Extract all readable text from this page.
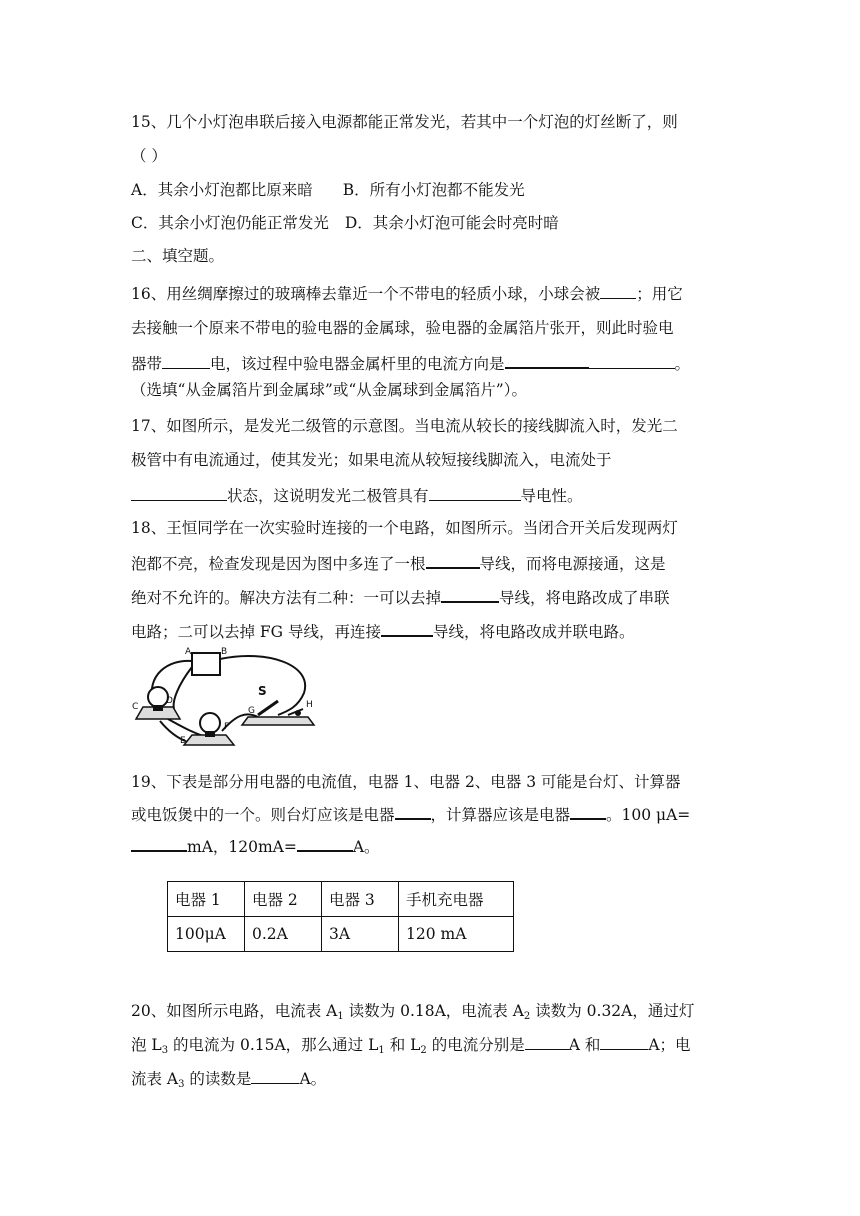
15、几个小灯泡串联后接入电源都能正常发光，若其中一个灯泡的灯丝断了，则
（ ）
A．其余小灯泡都比原来暗 B．所有小灯泡都不能发光
C．其余小灯泡仍能正常发光 D．其余小灯泡可能会时亮时暗
二、填空题。
16、用丝绸摩擦过的玻璃棒去靠近一个不带电的轻质小球，小球会被 ；用它
去接触一个原来不带电的验电器的金属球，验电器的金属箔片张开，则此时验电
器带	电，该过程中验电器金属杆里的电流方向是	。
（选填“从金属箔片到金属球”或“从金属球到金属箔片”）。
17、如图所示，是发光二级管的示意图。当电流从较长的接线脚流入时，发光二
极管中有电流通过，使其发光；如果电流从较短接线脚流入，电流处于
状态，这说明发光二极管具有	导电性。
18、王恒同学在一次实验时连接的一个电路，如图所示。当闭合开关后发现两灯
泡都不亮，检查发现是因为图中多连了一根	导线，而将电源接通，这是
绝对不允许的。解决方法有二种：一可以去掉	导线，将电路改成了串联
电路；二可以去掉 FG 导线，再连接	导线，将电路改成并联电路。
A	B
C
D
E
F
S
G
H
19、下表是部分用电器的电流值，电器 1、电器 2、电器 3 可能是台灯、计算器
或电饭煲中的一个。则台灯应该是电器 ，计算器应该是电器 。100 μA=
mA，120mA=	A。
电器 1	电器 2	电器 3	手机充电器
100μA	0.2A	3A	120 mA
20、如图所示电路，电流表 $A_1$ 读数为 0.18A，电流表 $A_2$ 读数为 0.32A，通过灯
泡 $L_3$ 的电流为 0.15A，那么通过 $L_1$ 和 $L_2$ 的电流分别是	A 和	A；电
流表 $A_3$ 的读数是	A。
